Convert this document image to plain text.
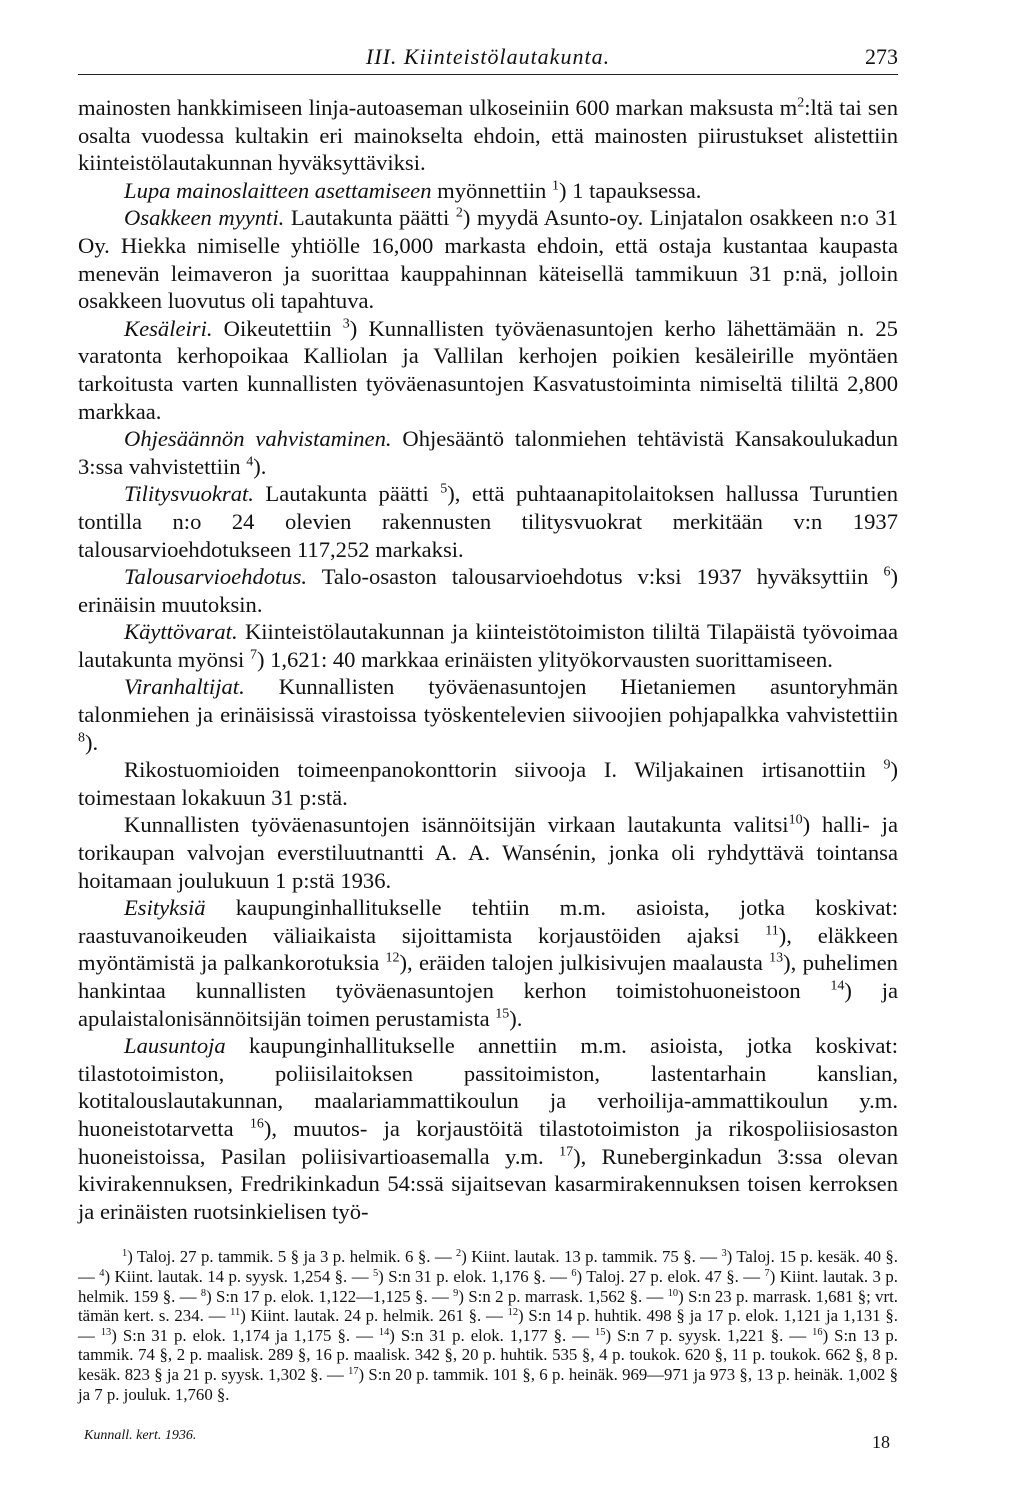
III. Kiinteistölautakunta.	273

mainosten hankkimiseen linja-autoaseman ulkoseiniin 600 markan maksusta $m^2:ltä$ tai sen osalta vuodessa kultakin eri mainokselta ehdoin, että mainosten piirustukset alistettiin kiinteistölautakunnan hyväksyttäviksi.

Lupa mainoslaitteen asettamiseen myönnettiin $^1$) 1 tapauksessa.

Osakkeen myynti. Lautakunta päätti $^2$) myydä Asunto-oy. Linjatalon osakkeen n:o 31 Oy. Hiekka nimiselle yhtiölle 16,000 markasta ehdoin, että ostaja kustantaa kaupasta menevän leimaveron ja suorittaa kauppahinnan käteisellä tammikuun 31 p:nä, jolloin osakkeen luovutus oli tapahtuva.

Kesäleiri. Oikeutettiin $^3$) Kunnallisten työväenasuntojen kerho lähettämään n. 25 varatonta kerhopoikaa Kalliolan ja Vallilan kerhojen poikien kesäleirille myöntäen tarkoitusta varten kunnallisten työväenasuntojen Kasvatustoiminta nimiseltä tililtä 2,800 markkaa.

Ohjesäännön vahvistaminen. Ohjesääntö talonmiehen tehtävistä Kansakoulukadun 3:ssa vahvistettiin $^4$).

Tilitysvuokrat. Lautakunta päätti $^5$), että puhtaanapitolaitoksen hallussa Turuntien tontilla n:o 24 olevien rakennusten tilitysvuokrat merkitään v:n 1937 talousarvioehdotukseen 117,252 markaksi.

Talousarvioehdotus. Talo-osaston talousarvioehdotus v:ksi 1937 hyväksyttiin $^6$) erinäisin muutoksin.

Käyttövarat. Kiinteistölautakunnan ja kiinteistötoimiston tililtä Tilapäistä työvoimaa lautakunta myönsi $^7$) 1,621: 40 markkaa erinäisten ylityökorvausten suorittamiseen.

Viranhaltijat. Kunnallisten työväenasuntojen Hietaniemen asuntoryhmän talonmiehen ja erinäisissä virastoissa työskentelevien siivoojien pohjapalkka vahvistettiin $^8$).

Rikostuomioiden toimeenpanokonttorin siivooja I. Wiljakainen irtisanottiin $^9$) toimestaan lokakuun 31 p:stä.

Kunnallisten työväenasuntojen isännöitsijän virkaan lautakunta valitsi$^{10}$) halli- ja torikaupan valvojan everstiluutnantti A. A. Wansénin, jonka oli ryhdyttävä tointansa hoitamaan joulukuun 1 p:stä 1936.

Esityksiä kaupunginhallitukselle tehtiin m.m. asioista, jotka koskivat: raastuvanoikeuden väliaikaista sijoittamista korjaustöiden ajaksi $^{11}$), eläkkeen myöntämistä ja palkankorotuksia $^{12}$), eräiden talojen julkisivujen maalausta $^{13}$), puhelimen hankintaa kunnallisten työväenasuntojen kerhon toimistohuoneistoon $^{14}$) ja apulaistalonisännöitsijän toimen perustamista $^{15}$).

Lausuntoja kaupunginhallitukselle annettiin m.m. asioista, jotka koskivat: tilastotoimiston, poliisilaitoksen passitoimiston, lastentarhain kanslian, kotitalouslautakunnan, maalariammattikoulun ja verhoilija-ammattikoulun y.m. huoneistotarvetta $^{16}$), muutos- ja korjaustöitä tilastotoimiston ja rikospoliisiosaston huoneistoissa, Pasilan poliisivartioasemalla y.m. $^{17}$), Runeberginkadun 3:ssa olevan kivirakennuksen, Fredrikinkadun 54:ssä sijaitsevan kasarmirakennuksen toisen kerroksen ja erinäisten ruotsinkielisen työ-

$^1$) Taloj. 27 p. tammik. 5 § ja 3 p. helmik. 6 §. — $^2$) Kiint. lautak. 13 p. tammik. 75 §. — $^3$) Taloj. 15 p. kesäk. 40 §. — $^4$) Kiint. lautak. 14 p. syysk. 1,254 §. — $^5$) S:n 31 p. elok. 1,176 §. — $^6$) Taloj. 27 p. elok. 47 §. — $^7$) Kiint. lautak. 3 p. helmik. 159 §. — $^8$) S:n 17 p. elok. 1,122—1,125 §. — $^9$) S:n 2 p. marrask. 1,562 §. — $^{10}$) S:n 23 p. marrask. 1,681 §; vrt. tämän kert. s. 234. — $^{11}$) Kiint. lautak. 24 p. helmik. 261 §. — $^{12}$) S:n 14 p. huhtik. 498 § ja 17 p. elok. 1,121 ja 1,131 §. — $^{13}$) S:n 31 p. elok. 1,174 ja 1,175 §. — $^{14}$) S:n 31 p. elok. 1,177 §. — $^{15}$) S:n 7 p. syysk. 1,221 §. — $^{16}$) S:n 13 p. tammik. 74 §, 2 p. maalisk. 289 §, 16 p. maalisk. 342 §, 20 p. huhtik. 535 §, 4 p. toukok. 620 §, 11 p. toukok. 662 §, 8 p. kesäk. 823 § ja 21 p. syysk. 1,302 §. — $^{17}$) S:n 20 p. tammik. 101 §, 6 p. heinäk. 969—971 ja 973 §, 13 p. heinäk. 1,002 § ja 7 p. jouluk. 1,760 §.

Kunnall. kert. 1936.	18
